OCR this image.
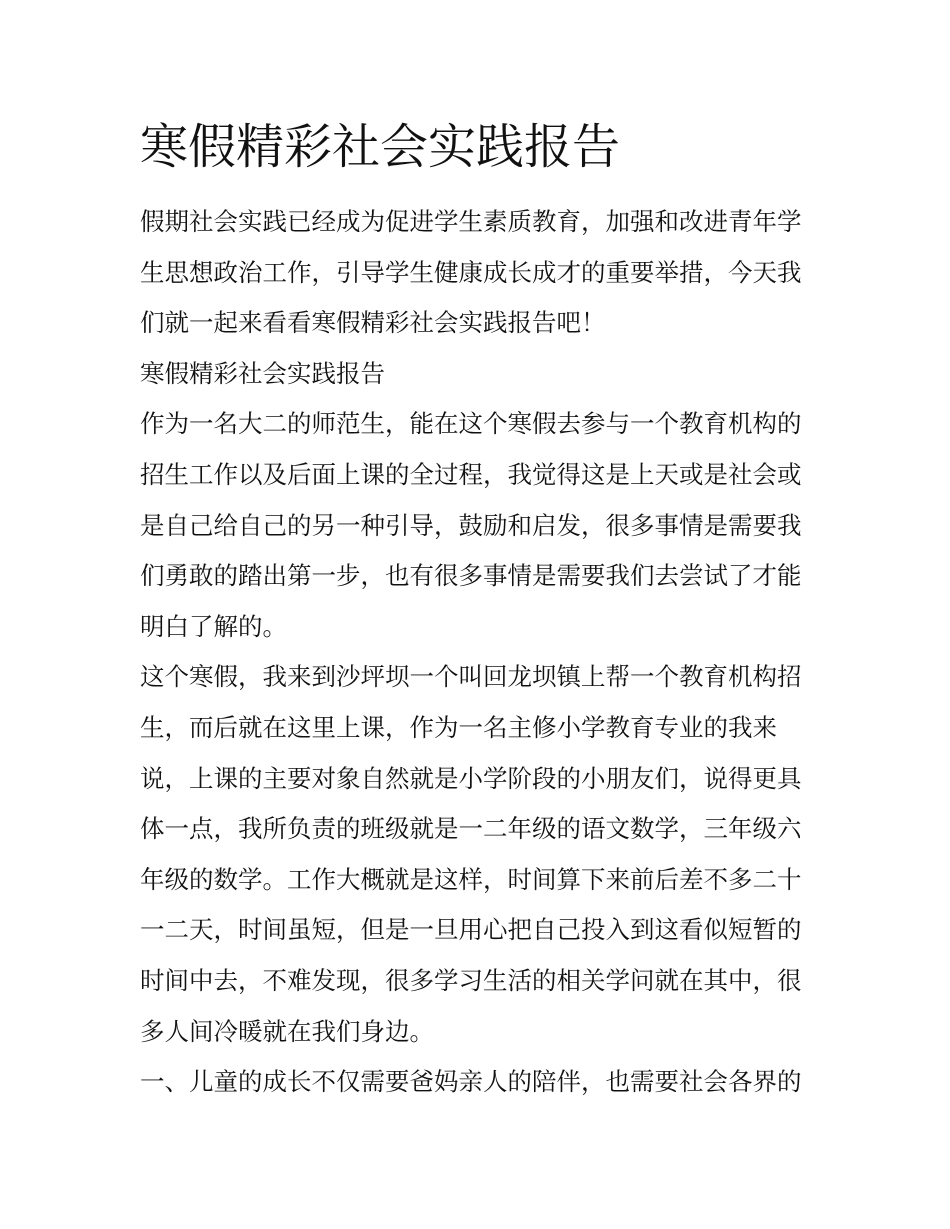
寒假精彩社会实践报告
假期社会实践已经成为促进学生素质教育，加强和改进青年学
生思想政治工作，引导学生健康成长成才的重要举措，今天我
们就一起来看看寒假精彩社会实践报告吧！
寒假精彩社会实践报告
作为一名大二的师范生，能在这个寒假去参与一个教育机构的
招生工作以及后面上课的全过程，我觉得这是上天或是社会或
是自己给自己的另一种引导，鼓励和启发，很多事情是需要我
们勇敢的踏出第一步，也有很多事情是需要我们去尝试了才能
明白了解的。
这个寒假，我来到沙坪坝一个叫回龙坝镇上帮一个教育机构招
生，而后就在这里上课，作为一名主修小学教育专业的我来
说，上课的主要对象自然就是小学阶段的小朋友们，说得更具
体一点，我所负责的班级就是一二年级的语文数学，三年级六
年级的数学。工作大概就是这样，时间算下来前后差不多二十
一二天，时间虽短，但是一旦用心把自己投入到这看似短暂的
时间中去，不难发现，很多学习生活的相关学问就在其中，很
多人间冷暖就在我们身边。
一、儿童的成长不仅需要爸妈亲人的陪伴，也需要社会各界的
